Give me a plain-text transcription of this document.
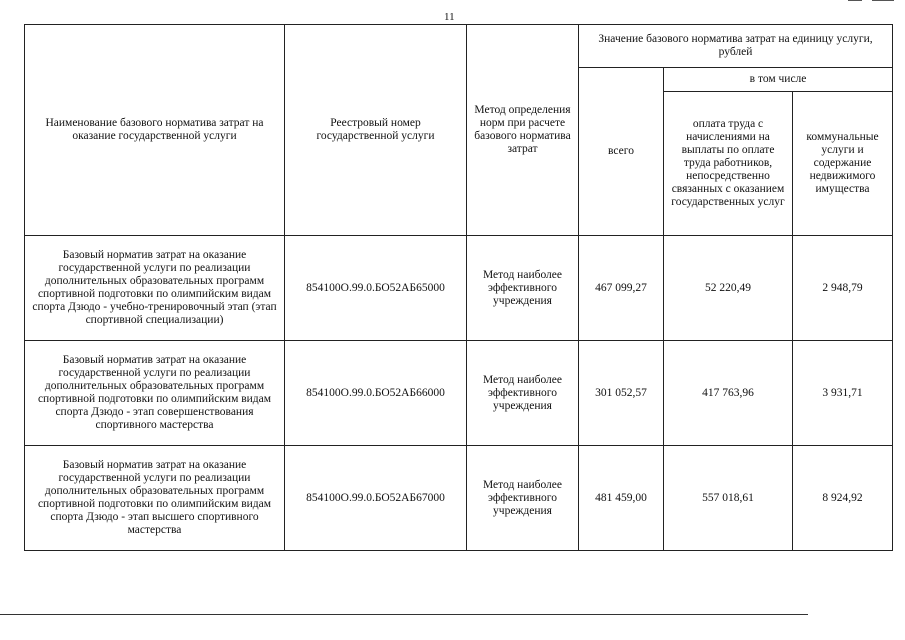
11
Наименование базового норматива затрат на оказание государственной услуги	Реестровый номер государственной услуги	Метод определения норм при расчете базового норматива затрат	Значение базового норматива затрат на единицу услуги, рублей		
			всего	в том числе	
				оплата труда с начислениями на выплаты по оплате труда работников, непосредственно связанных с оказанием государственных услуг	коммунальные услуги и содержание недвижимого имущества
Базовый норматив затрат на оказание государственной услуги по реализации дополнительных образовательных программ спортивной подготовки по олимпийским видам спорта Дзюдо - учебно-тренировочный этап (этап спортивной специализации)	854100О.99.0.БО52АБ65000	Метод наиболее эффективного учреждения	467 099,27	52 220,49	2 948,79
Базовый норматив затрат на оказание государственной услуги по реализации дополнительных образовательных программ спортивной подготовки по олимпийским видам спорта Дзюдо - этап совершенствования спортивного мастерства	854100О.99.0.БО52АБ66000	Метод наиболее эффективного учреждения	301 052,57	417 763,96	3 931,71
Базовый норматив затрат на оказание государственной услуги по реализации дополнительных образовательных программ спортивной подготовки по олимпийским видам спорта Дзюдо - этап высшего спортивного мастерства	854100О.99.0.БО52АБ67000	Метод наиболее эффективного учреждения	481 459,00	557 018,61	8 924,92
